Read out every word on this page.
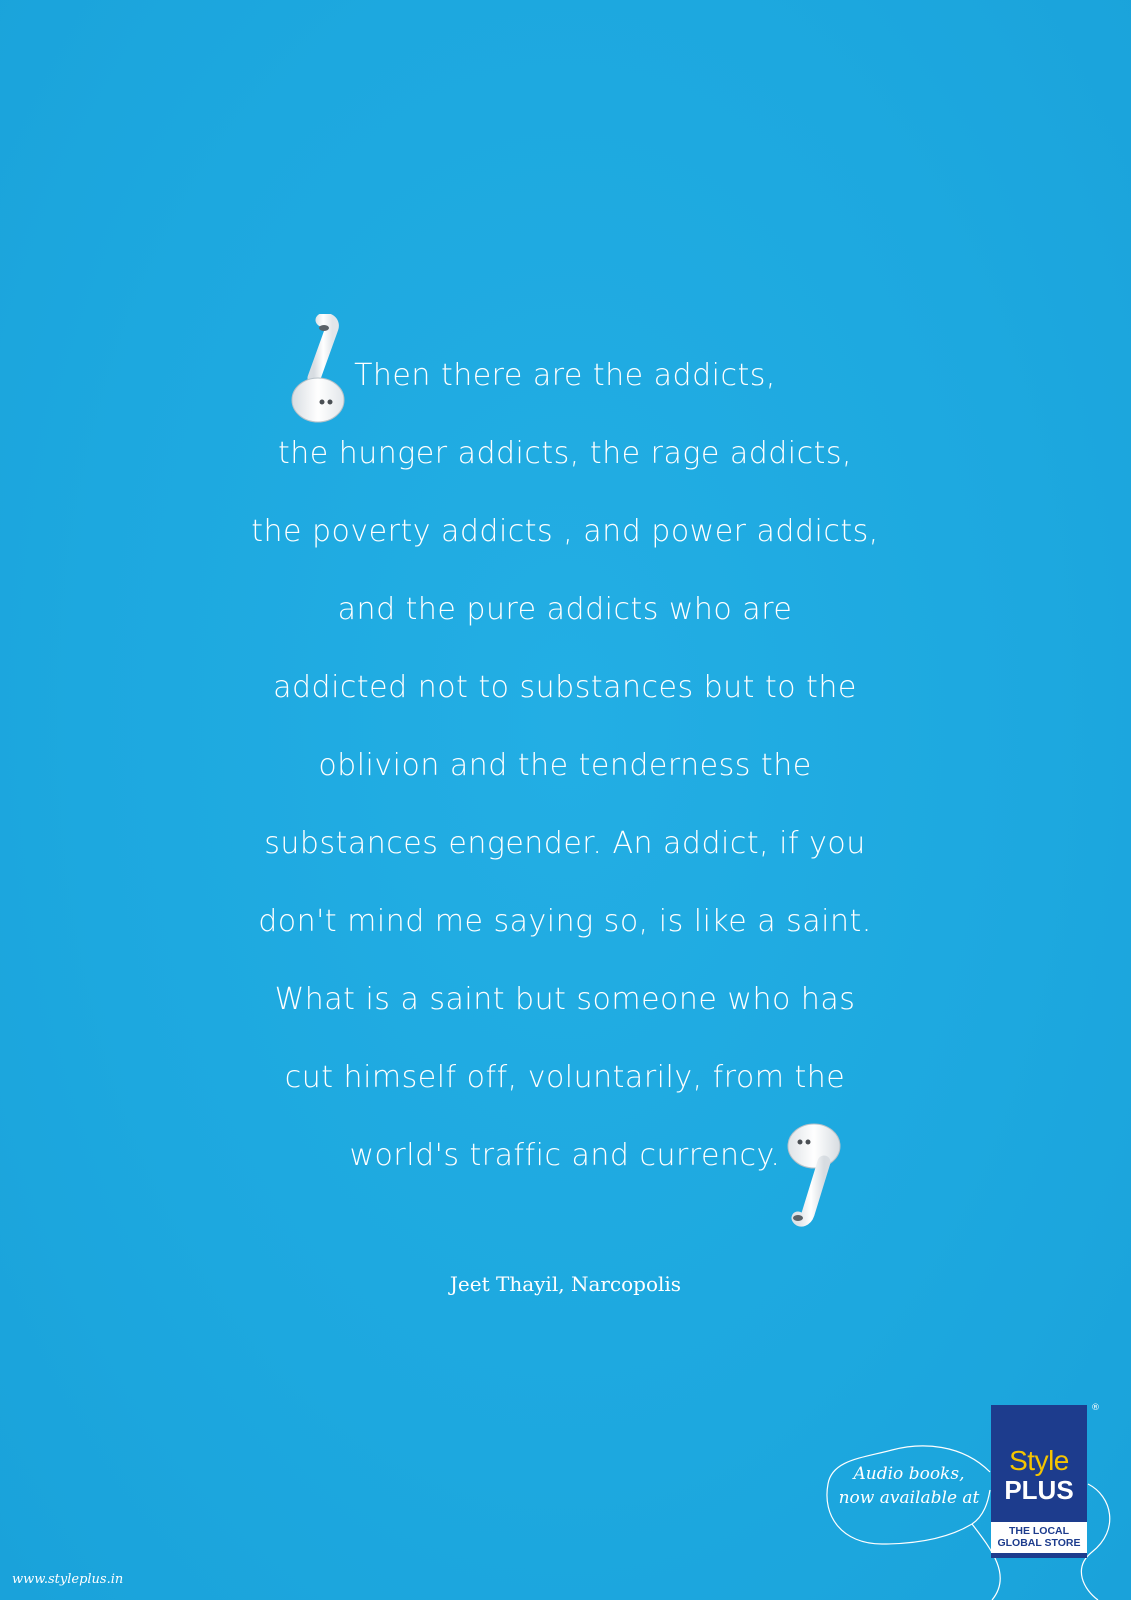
Then there are the addicts,
the hunger addicts, the rage addicts,
the poverty addicts , and power addicts,
and the pure addicts who are
addicted not to substances but to the
oblivion and the tenderness the
substances engender. An addict, if you
don't mind me saying so, is like a saint.
What is a saint but someone who has
cut himself off, voluntarily, from the
world's traffic and currency.
Jeet Thayil, Narcopolis
www.styleplus.in
Audio books,
now available at
Style
PLUS
THE LOCAL
GLOBAL STORE
®
